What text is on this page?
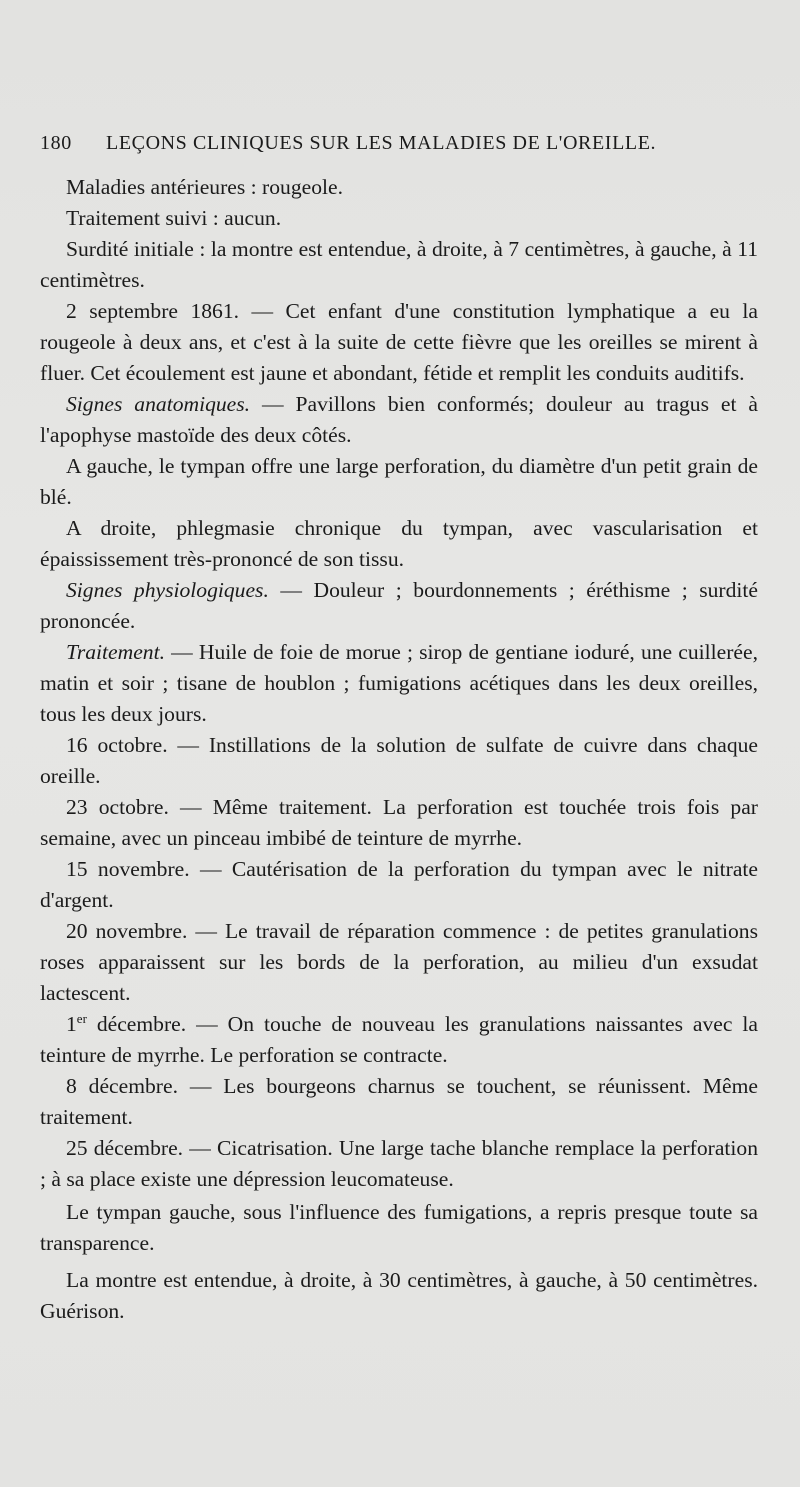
180 LEÇONS CLINIQUES SUR LES MALADIES DE L'OREILLE.

Maladies antérieures : rougeole.

Traitement suivi : aucun.

Surdité initiale : la montre est entendue, à droite, à 7 centimètres, à gauche, à 11 centimètres.

2 septembre 1861. — Cet enfant d'une constitution lymphatique a eu la rougeole à deux ans, et c'est à la suite de cette fièvre que les oreilles se mirent à fluer. Cet écoulement est jaune et abondant, fétide et remplit les conduits auditifs.

Signes anatomiques. — Pavillons bien conformés; douleur au tragus et à l'apophyse mastoïde des deux côtés.

A gauche, le tympan offre une large perforation, du diamètre d'un petit grain de blé.

A droite, phlegmasie chronique du tympan, avec vascularisation et épaississement très-prononcé de son tissu.

Signes physiologiques. — Douleur ; bourdonnements ; éréthisme ; surdité prononcée.

Traitement. — Huile de foie de morue ; sirop de gentiane ioduré, une cuillerée, matin et soir ; tisane de houblon ; fumigations acétiques dans les deux oreilles, tous les deux jours.

16 octobre. — Instillations de la solution de sulfate de cuivre dans chaque oreille.

23 octobre. — Même traitement. La perforation est touchée trois fois par semaine, avec un pinceau imbibé de teinture de myrrhe.

15 novembre. — Cautérisation de la perforation du tympan avec le nitrate d'argent.

20 novembre. — Le travail de réparation commence : de petites granulations roses apparaissent sur les bords de la perforation, au milieu d'un exsudat lactescent.

1er décembre. — On touche de nouveau les granulations naissantes avec la teinture de myrrhe. Le perforation se contracte.

8 décembre. — Les bourgeons charnus se touchent, se réunissent. Même traitement.

25 décembre. — Cicatrisation. Une large tache blanche remplace la perforation ; à sa place existe une dépression leucomateuse.

Le tympan gauche, sous l'influence des fumigations, a repris presque toute sa transparence.

La montre est entendue, à droite, à 30 centimètres, à gauche, à 50 centimètres. Guérison.
